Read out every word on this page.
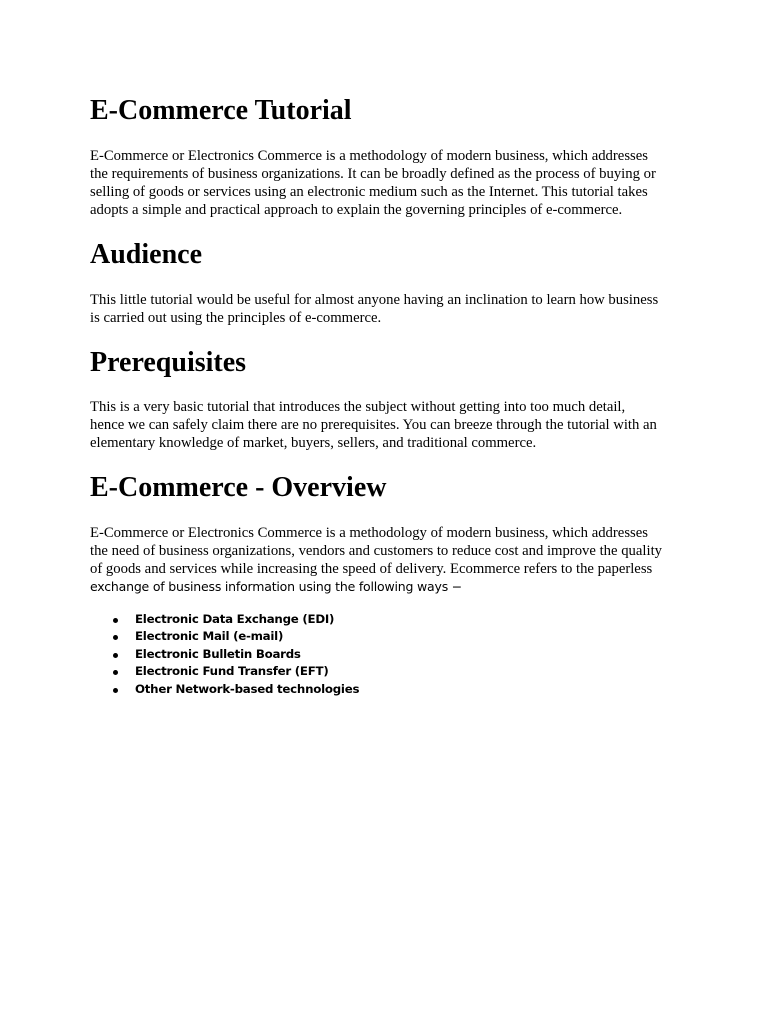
E-Commerce Tutorial
E-Commerce or Electronics Commerce is a methodology of modern business, which addresses
the requirements of business organizations. It can be broadly defined as the process of buying or
selling of goods or services using an electronic medium such as the Internet. This tutorial takes
adopts a simple and practical approach to explain the governing principles of e-commerce.
Audience
This little tutorial would be useful for almost anyone having an inclination to learn how business
is carried out using the principles of e-commerce.
Prerequisites
This is a very basic tutorial that introduces the subject without getting into too much detail,
hence we can safely claim there are no prerequisites. You can breeze through the tutorial with an
elementary knowledge of market, buyers, sellers, and traditional commerce.
E-Commerce - Overview
E-Commerce or Electronics Commerce is a methodology of modern business, which addresses
the need of business organizations, vendors and customers to reduce cost and improve the quality
of goods and services while increasing the speed of delivery. Ecommerce refers to the paperless
exchange of business information using the following ways −
Electronic Data Exchange (EDI)
Electronic Mail (e-mail)
Electronic Bulletin Boards
Electronic Fund Transfer (EFT)
Other Network-based technologies
